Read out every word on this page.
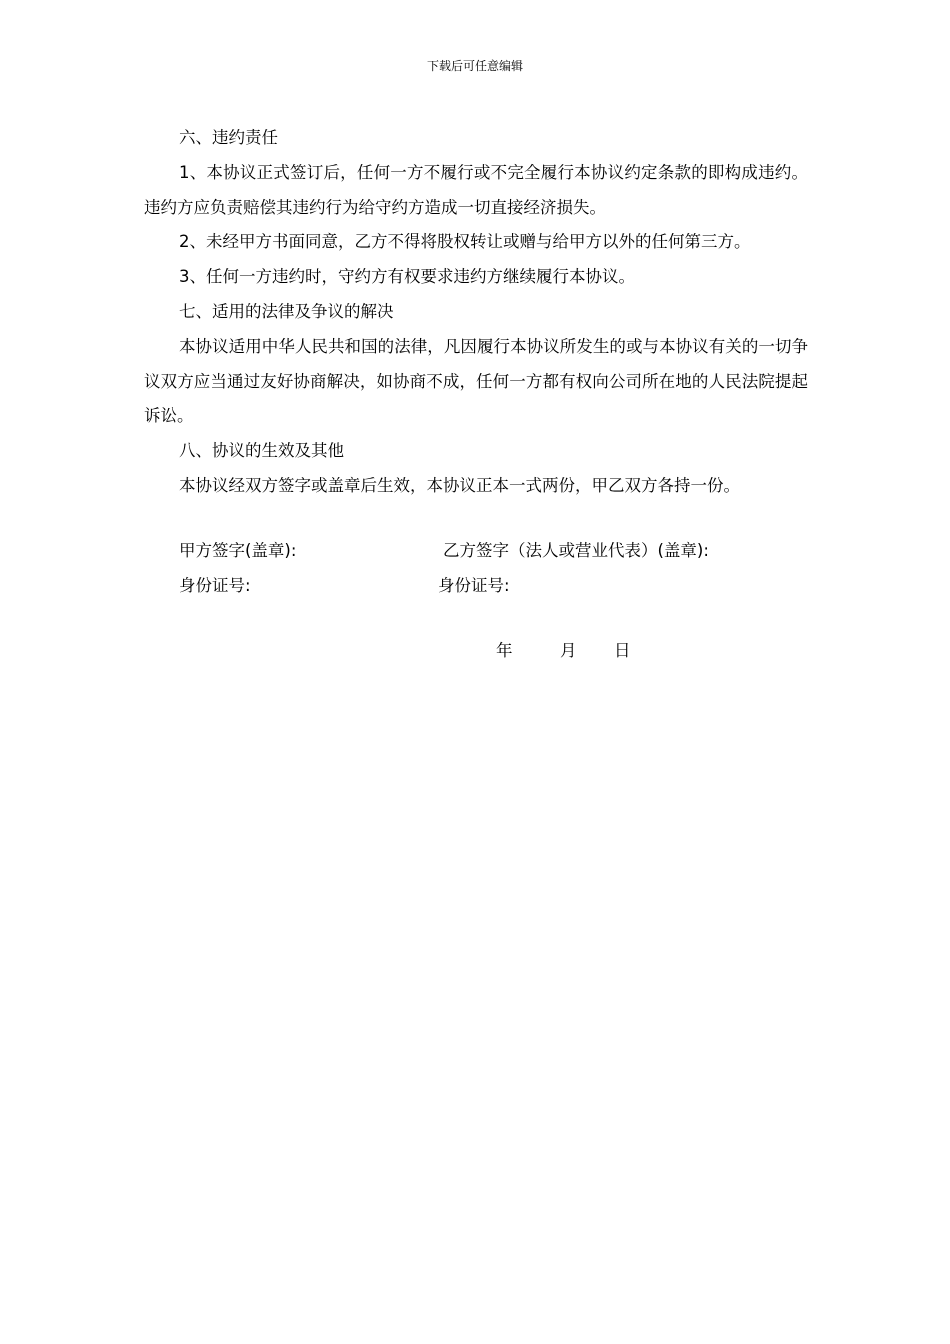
下载后可任意编辑

六、违约责任

1、本协议正式签订后，任何一方不履行或不完全履行本协议约定条款的即构成违约。违约方应负责赔偿其违约行为给守约方造成一切直接经济损失。

2、未经甲方书面同意，乙方不得将股权转让或赠与给甲方以外的任何第三方。

3、任何一方违约时，守约方有权要求违约方继续履行本协议。

七、适用的法律及争议的解决

本协议适用中华人民共和国的法律，凡因履行本协议所发生的或与本协议有关的一切争议双方应当通过友好协商解决，如协商不成，任何一方都有权向公司所在地的人民法院提起诉讼。

八、协议的生效及其他

本协议经双方签字或盖章后生效，本协议正本一式两份，甲乙双方各持一份。

甲方签字(盖章):	乙方签字（法人或营业代表）(盖章):
身份证号:	身份证号:
年	月 日
